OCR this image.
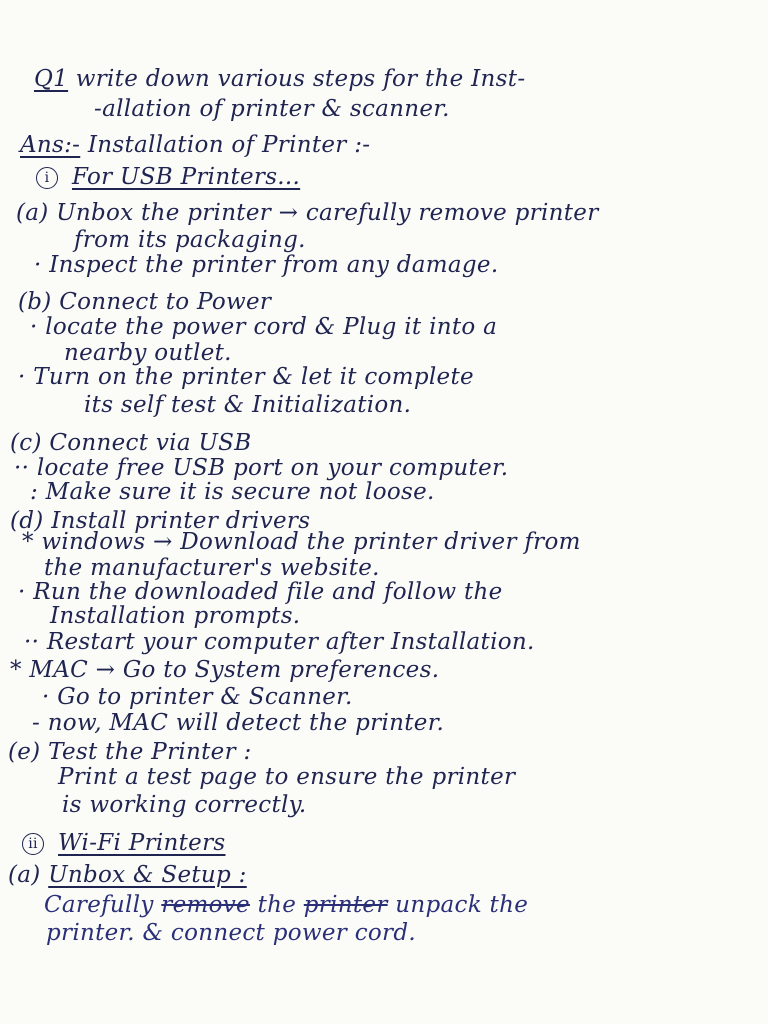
Q1 write down various steps for the Inst-
-allation of printer & scanner.
Ans:- Installation of Printer :-
i For USB Printers...
(a) Unbox the printer → carefully remove printer
from its packaging.
· Inspect the printer from any damage.
(b) Connect to Power
· locate the power cord & Plug it into a
nearby outlet.
· Turn on the printer & let it complete
its self test & Initialization.
(c) Connect via USB
·· locate free USB port on your computer.
: Make sure it is secure not loose.
(d) Install printer drivers
* windows → Download the printer driver from
the manufacturer's website.
· Run the downloaded file and follow the
Installation prompts.
·· Restart your computer after Installation.
* MAC → Go to System preferences.
· Go to printer & Scanner.
- now, MAC will detect the printer.
(e) Test the Printer :
Print a test page to ensure the printer
is working correctly.
ii Wi-Fi Printers
(a) Unbox & Setup :
Carefully remove the printer unpack the
printer. & connect power cord.
